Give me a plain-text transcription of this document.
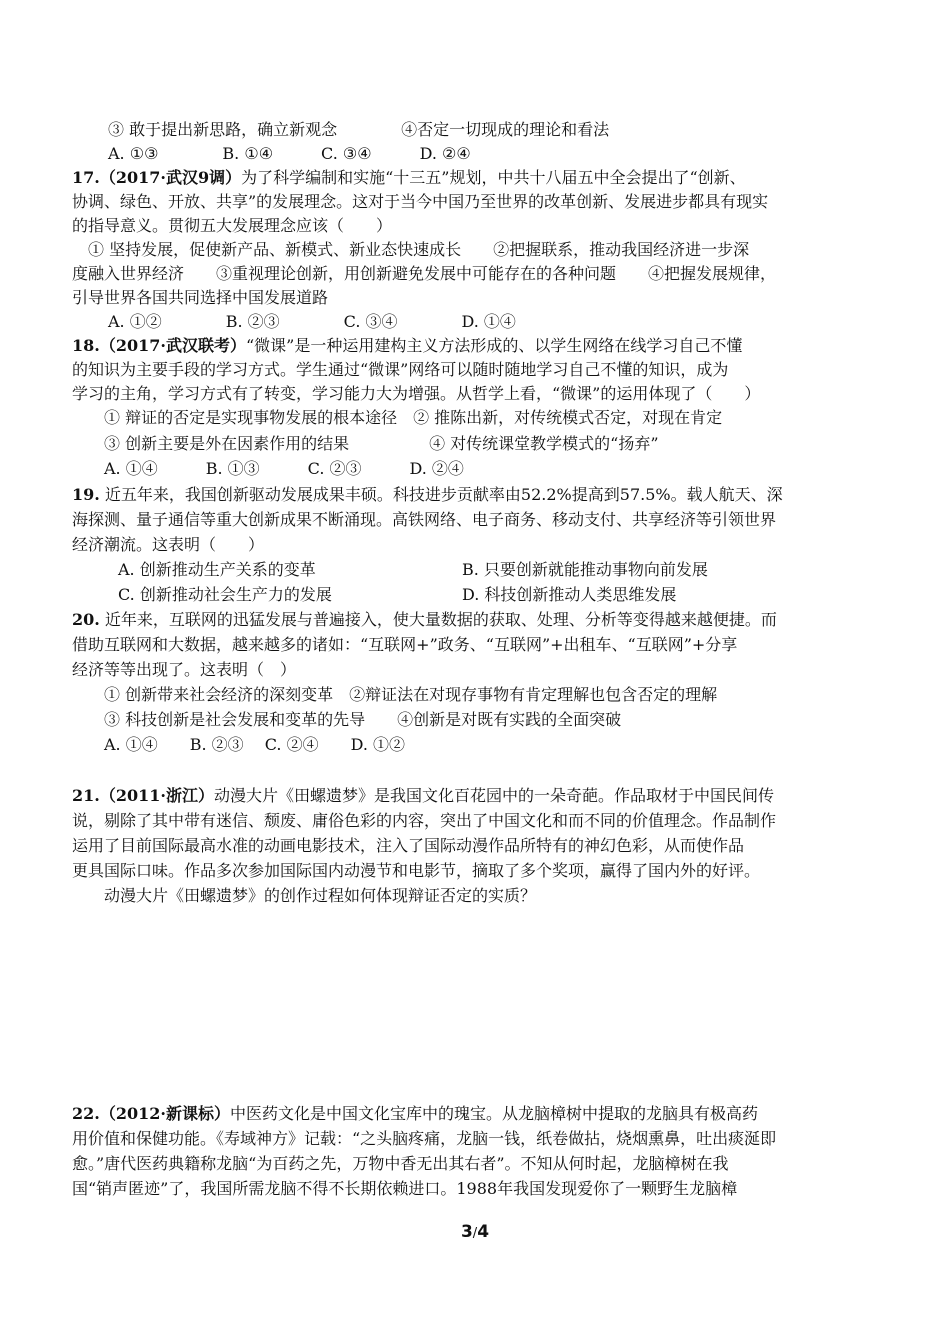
③ 敢于提出新思路，确立新观念　　　　④否定一切现成的理论和看法
A. ①③　　　　B. ①④　　　C. ③④　　　D. ②④
17.（2017·武汉9调）为了科学编制和实施“十三五”规划，中共十八届五中全会提出了“创新、
协调、绿色、开放、共享”的发展理念。这对于当今中国乃至世界的改革创新、发展进步都具有现实
的指导意义。贯彻五大发展理念应该（　　）
　① 坚持发展，促使新产品、新模式、新业态快速成长　　②把握联系，推动我国经济进一步深
度融入世界经济　　③重视理论创新，用创新避免发展中可能存在的各种问题　　④把握发展规律，
引导世界各国共同选择中国发展道路
　A. ①②　　　　B. ②③　　　　C. ③④　　　　D. ①④
18.（2017·武汉联考）“微课”是一种运用建构主义方法形成的、以学生网络在线学习自己不懂
的知识为主要手段的学习方式。学生通过“微课”网络可以随时随地学习自己不懂的知识，成为
学习的主角，学习方式有了转变，学习能力大为增强。从哲学上看，“微课”的运用体现了（　　）
　① 辩证的否定是实现事物发展的根本途径　② 推陈出新，对传统模式否定，对现在肯定
　③ 创新主要是外在因素作用的结果　　　　　④ 对传统课堂教学模式的“扬弃”
　A. ①④　　　B. ①③　　　C. ②③　　　D. ②④
19. 近五年来，我国创新驱动发展成果丰硕。科技进步贡献率由52.2%提高到57.5%。载人航天、深
海探测、量子通信等重大创新成果不断涌现。高铁网络、电子商务、移动支付、共享经济等引领世界
经济潮流。这表明（　　）
A. 创新推动生产关系的变革	B. 只要创新就能推动事物向前发展
C. 创新推动社会生产力的发展	D. 科技创新推动人类思维发展
20. 近年来，互联网的迅猛发展与普遍接入，使大量数据的获取、处理、分析等变得越来越便捷。而
借助互联网和大数据，越来越多的诸如：“互联网+”政务、“互联网”+出租车、“互联网”+分享
经济等等出现了。这表明（　）
　① 创新带来社会经济的深刻变革　②辩证法在对现存事物有肯定理解也包含否定的理解
　③ 科技创新是社会发展和变革的先导　　④创新是对既有实践的全面突破
　A. ①④　　B. ②③　 C. ②④　　D. ①②
21.（2011·浙江）动漫大片《田螺遗梦》是我国文化百花园中的一朵奇葩。作品取材于中国民间传
说，剔除了其中带有迷信、颓废、庸俗色彩的内容，突出了中国文化和而不同的价值理念。作品制作
运用了目前国际最高水准的动画电影技术，注入了国际动漫作品所特有的神幻色彩，从而使作品
更具国际口味。作品多次参加国际国内动漫节和电影节，摘取了多个奖项，赢得了国内外的好评。
　　动漫大片《田螺遗梦》的创作过程如何体现辩证否定的实质？
22.（2012·新课标）中医药文化是中国文化宝库中的瑰宝。从龙脑樟树中提取的龙脑具有极高药
用价值和保健功能。《寿域神方》记载：“之头脑疼痛，龙脑一钱，纸卷做拈，烧烟熏鼻，吐出痰涎即
愈。”唐代医药典籍称龙脑“为百药之先，万物中香无出其右者”。不知从何时起，龙脑樟树在我
国“销声匿迹”了，我国所需龙脑不得不长期依赖进口。1988年我国发现爱你了一颗野生龙脑樟
3/4
